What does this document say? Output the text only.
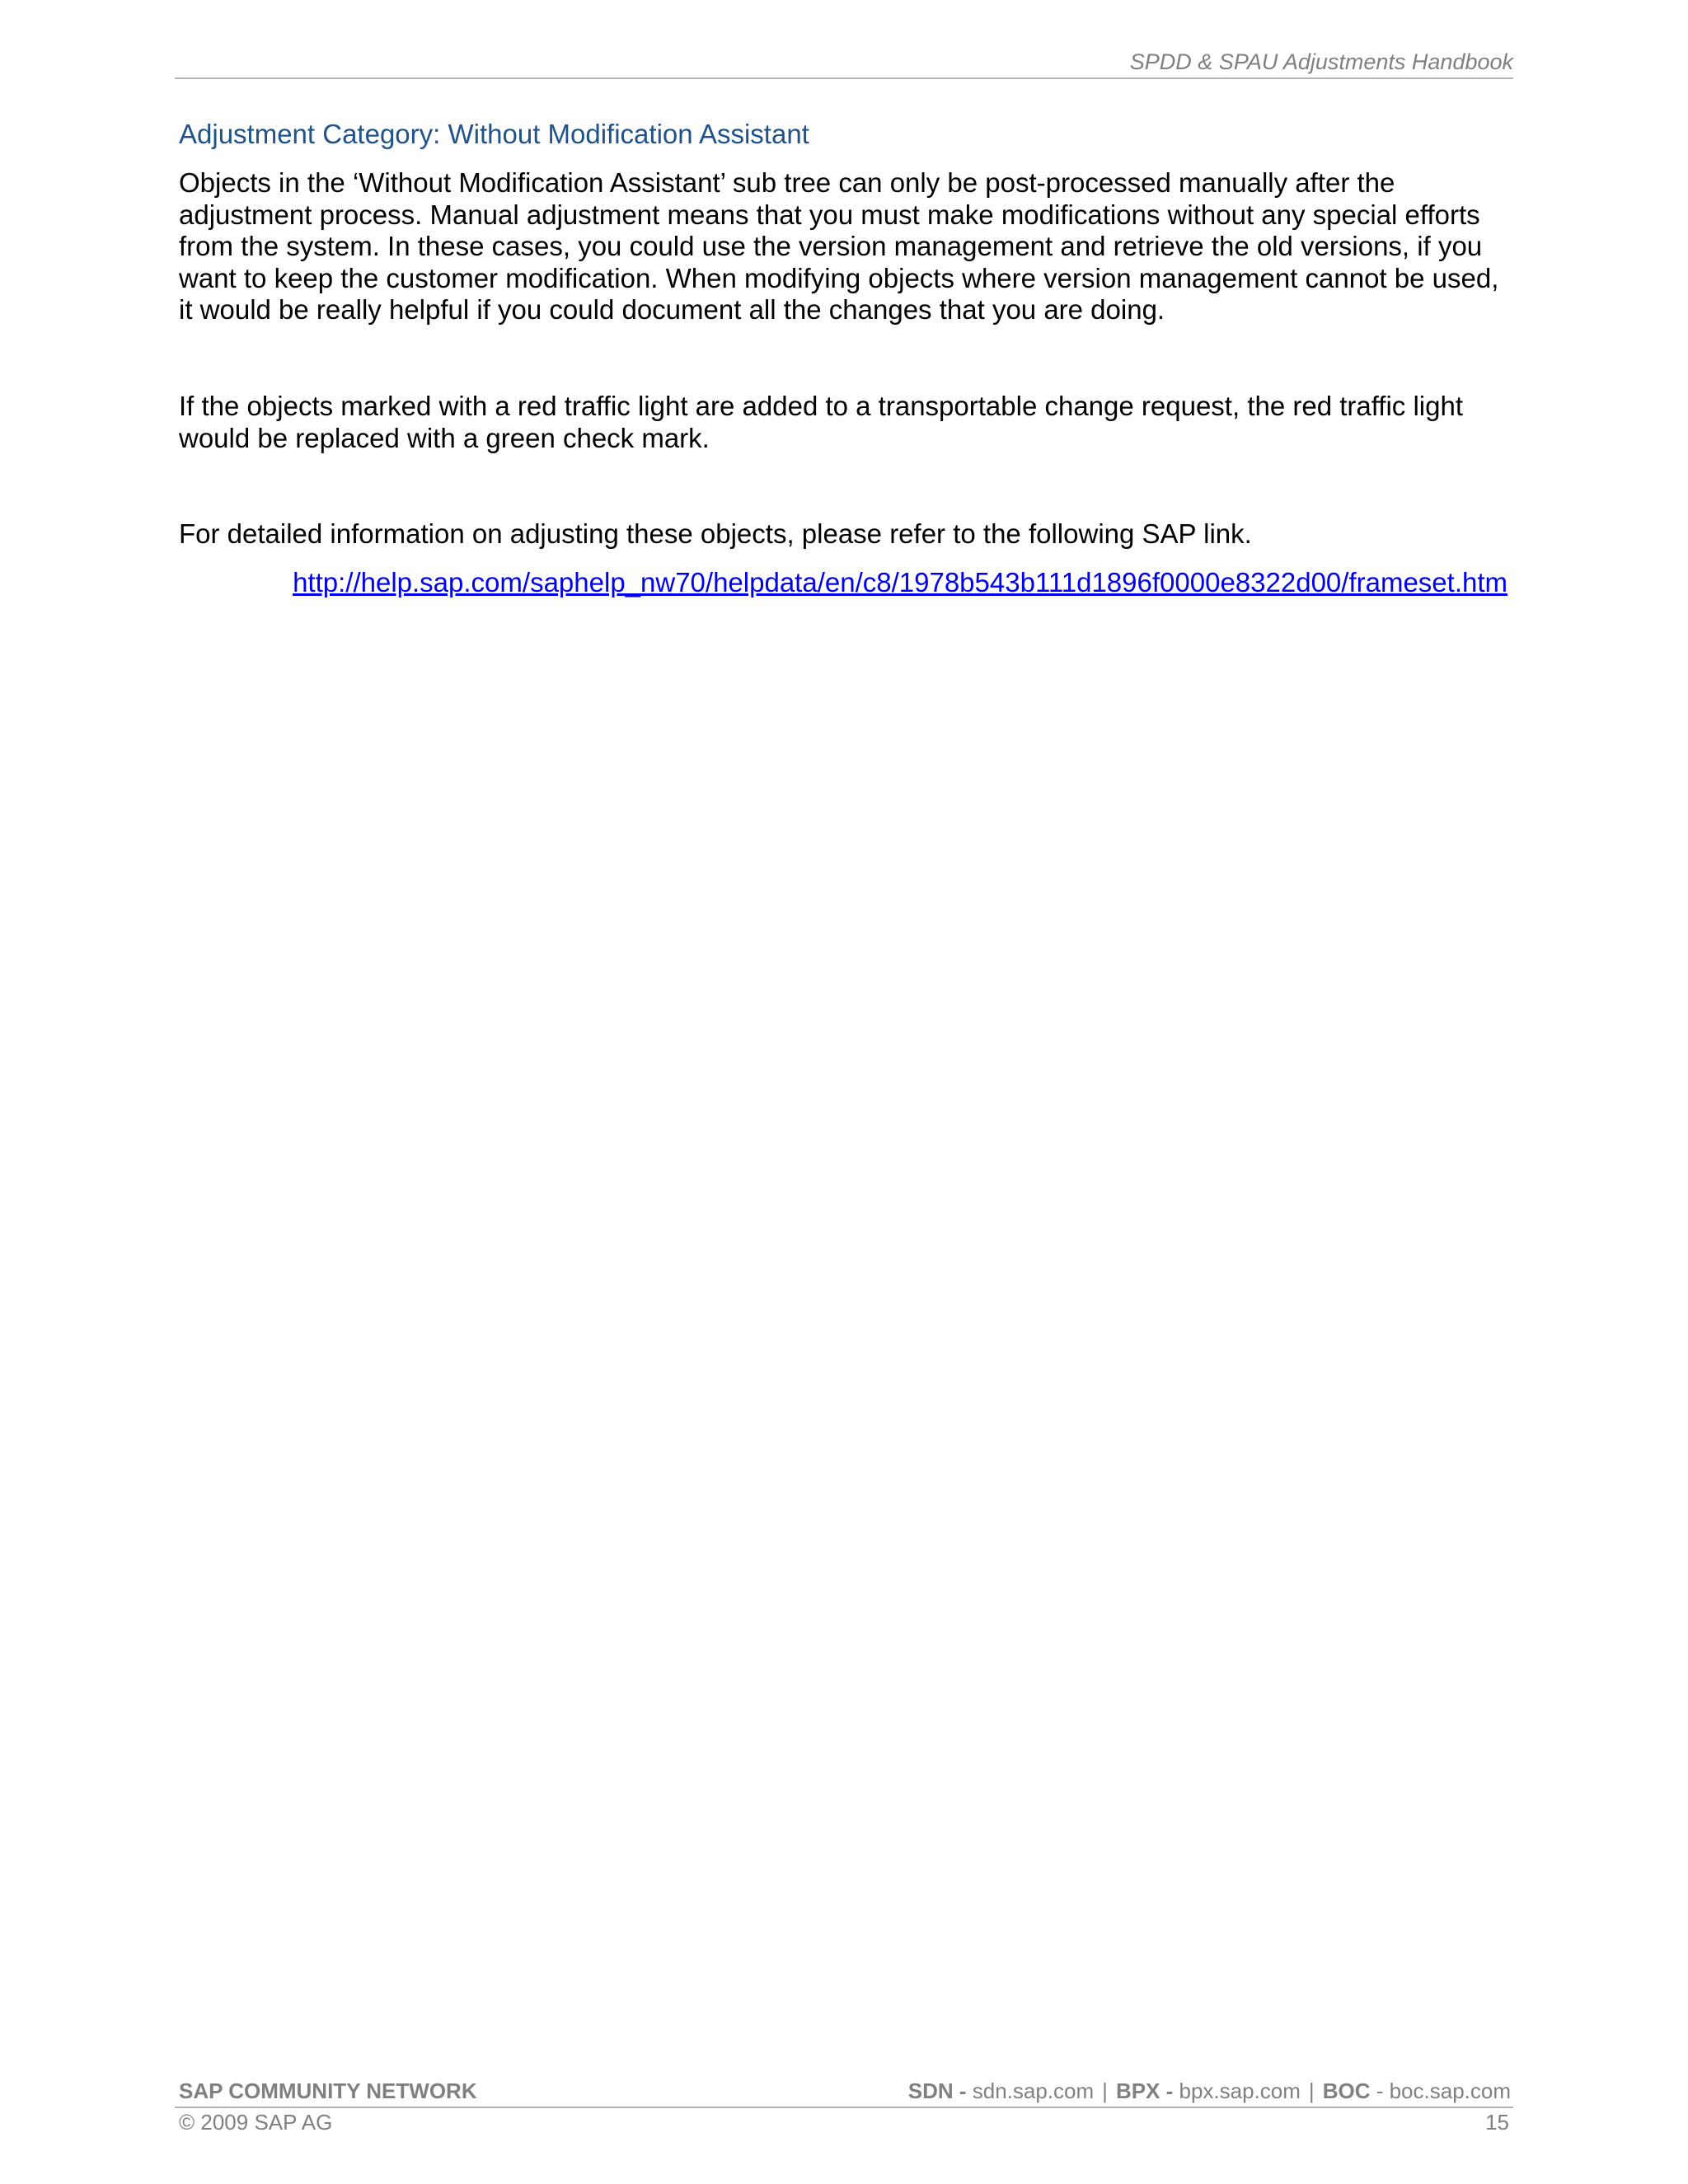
SPDD & SPAU Adjustments Handbook
Adjustment Category: Without Modification Assistant

Objects in the ‘Without Modification Assistant’ sub tree can only be post-processed manually after the adjustment process. Manual adjustment means that you must make modifications without any special efforts from the system. In these cases, you could use the version management and retrieve the old versions, if you want to keep the customer modification. When modifying objects where version management cannot be used, it would be really helpful if you could document all the changes that you are doing.

If the objects marked with a red traffic light are added to a transportable change request, the red traffic light would be replaced with a green check mark.

For detailed information on adjusting these objects, please refer to the following SAP link.

http://help.sap.com/saphelp_nw70/helpdata/en/c8/1978b543b111d1896f0000e8322d00/frameset.htm
SAP COMMUNITY NETWORK	SDN - sdn.sap.com | BPX - bpx.sap.com | BOC - boc.sap.com
© 2009 SAP AG	15
